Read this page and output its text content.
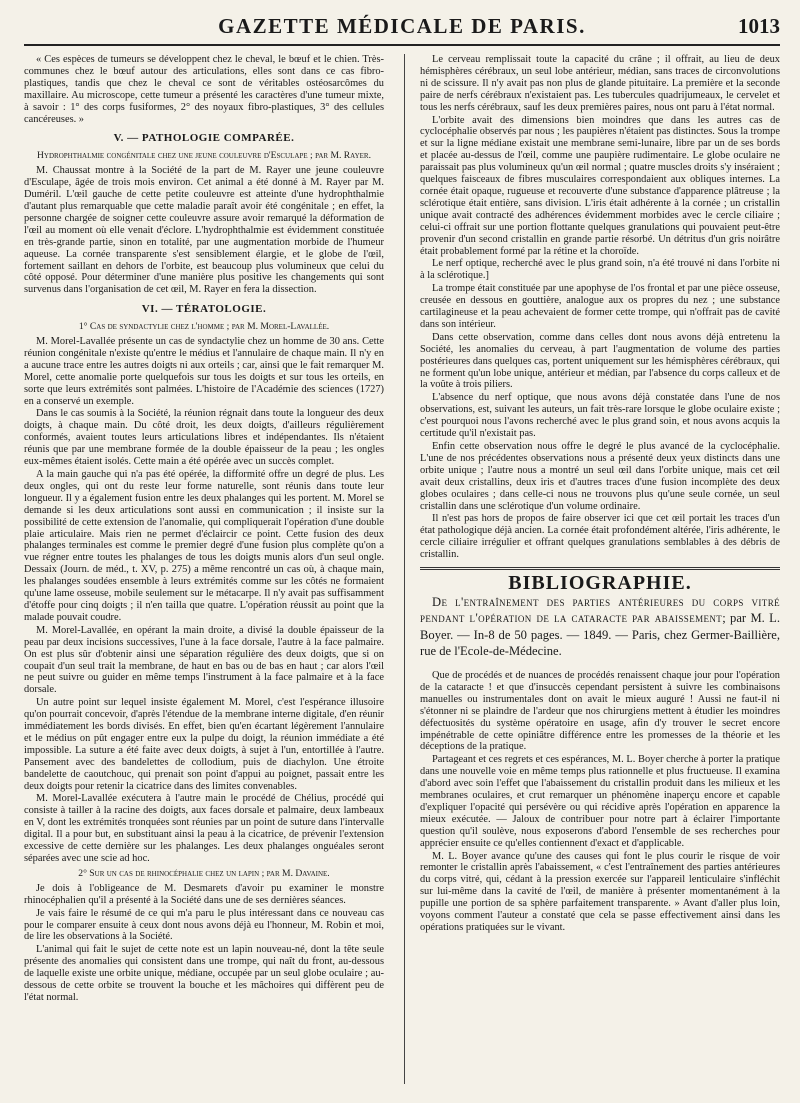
GAZETTE MÉDICALE DE PARIS.	1013

« Ces espèces de tumeurs se développent chez le cheval, le bœuf et le chien. Très-communes chez le bœuf autour des articulations, elles sont dans ce cas fibro-plastiques, tandis que chez le cheval ce sont de véritables ostéosarcômes du maxillaire. Au microscope, cette tumeur a présenté les caractères d'une tumeur mixte, à savoir : 1° des corps fusiformes, 2° des noyaux fibro-plastiques, 3° des cellules cancéreuses. »

V. — PATHOLOGIE COMPARÉE.
Hydrophthalmie congénitale chez une jeune couleuvre d'Esculape ; par M. Rayer.

M. Chaussat montre à la Société de la part de M. Rayer une jeune couleuvre d'Esculape, âgée de trois mois environ. Cet animal a été donné à M. Rayer par M. Duméril. L'œil gauche de cette petite couleuvre est atteinte d'une hydrophthalmie d'autant plus remarquable que cette maladie paraît avoir été congénitale ; en effet, la personne chargée de soigner cette couleuvre assure avoir remarqué la déformation de l'œil au moment où elle venait d'éclore. L'hydrophthalmie est évidemment constituée en très-grande partie, sinon en totalité, par une augmentation morbide de l'humeur aqueuse. La cornée transparente s'est sensiblement élargie, et le globe de l'œil, fortement saillant en dehors de l'orbite, est beaucoup plus volumineux que celui du côté opposé. Pour déterminer d'une manière plus positive les changements qui sont survenus dans l'organisation de cet œil, M. Rayer en fera la dissection.

VI. — TÉRATOLOGIE.
1° Cas de syndactylie chez l'homme ; par M. Morel-Lavallée.

M. Morel-Lavallée présente un cas de syndactylie chez un homme de 30 ans. Cette réunion congénitale n'existe qu'entre le médius et l'annulaire de chaque main. Il n'y en a aucune trace entre les autres doigts ni aux orteils ; car, ainsi que le fait remarquer M. Morel, cette anomalie porte quelquefois sur tous les doigts et sur tous les orteils, en sorte que leurs extrémités sont palmées. L'histoire de l'Académie des sciences (1727) en a conservé un exemple.

Dans le cas soumis à la Société, la réunion régnait dans toute la longueur des deux doigts, à chaque main. Du côté droit, les deux doigts, d'ailleurs régulièrement conformés, avaient toutes leurs articulations libres et indépendantes. Ils n'étaient réunis que par une membrane formée de la double épaisseur de la peau ; les ongles eux-mêmes étaient isolés. Cette main a été opérée avec un succès complet.

A la main gauche qui n'a pas été opérée, la difformité offre un degré de plus. Les deux ongles, qui ont du reste leur forme naturelle, sont réunis dans toute leur longueur. Il y a également fusion entre les deux phalanges qui les portent. M. Morel se demande si les deux articulations sont aussi en communication ; il insiste sur la possibilité de cette extension de l'anomalie, qui compliquerait l'opération d'une double plaie articulaire. Mais rien ne permet d'éclaircir ce point. Cette fusion des deux phalanges terminales est comme le premier degré d'une fusion plus complète qu'on a vue régner entre toutes les phalanges de tous les doigts munis alors d'un seul ongle. Dessaix (Journ. de méd., t. XV, p. 275) a même rencontré un cas où, à chaque main, les phalanges soudées ensemble à leurs extrémités comme sur les côtés ne formaient qu'une lame osseuse, mobile seulement sur le métacarpe. Il n'y avait pas suffisamment d'étoffe pour cinq doigts ; il n'en tailla que quatre. L'opération réussit au point que la malade pouvait coudre.

M. Morel-Lavallée, en opérant la main droite, a divisé la double épaisseur de la peau par deux incisions successives, l'une à la face dorsale, l'autre à la face palmaire. On est plus sûr d'obtenir ainsi une séparation régulière des deux doigts, que si on coupait d'un seul trait la membrane, de haut en bas ou de bas en haut ; car alors l'œil ne peut suivre ou guider en même temps l'instrument à la face palmaire et à la face dorsale.

Un autre point sur lequel insiste également M. Morel, c'est l'espérance illusoire qu'on pourrait concevoir, d'après l'étendue de la membrane interne digitale, d'en réunir immédiatement les bords divisés. En effet, bien qu'en écartant légèrement l'annulaire et le médius on pût engager entre eux la pulpe du doigt, la réunion immédiate a été impossible. La suture a été faite avec deux doigts, à sujet à l'un, entortillée à l'autre. Pansement avec des bandelettes de collodium, puis de diachylon. Une étroite bandelette de caoutchouc, qui prenait son point d'appui au poignet, passait entre les deux doigts pour retenir la cicatrice dans des limites convenables.

M. Morel-Lavallée exécutera à l'autre main le procédé de Chélius, procédé qui consiste à tailler à la racine des doigts, aux faces dorsale et palmaire, deux lambeaux en V, dont les extrémités tronquées sont réunies par un point de suture dans l'intervalle digital. Il a pour but, en substituant ainsi la peau à la cicatrice, de prévenir l'extension excessive de cette dernière sur les phalanges. Les deux phalanges onguéales seront séparées avec une scie ad hoc.

2° Sur un cas de rhinocéphalie chez un lapin ; par M. Davaine.

Je dois à l'obligeance de M. Desmarets d'avoir pu examiner le monstre rhinocéphalien qu'il a présenté à la Société dans une de ses dernières séances.

Je vais faire le résumé de ce qui m'a paru le plus intéressant dans ce nouveau cas pour le comparer ensuite à ceux dont nous avons déjà eu l'honneur, M. Robin et moi, de lire les observations à la Société.

L'animal qui fait le sujet de cette note est un lapin nouveau-né, dont la tête seule présente des anomalies qui consistent dans une trompe, qui naît du front, au-dessous de laquelle existe une orbite unique, médiane, occupée par un seul globe oculaire ; au-dessous de cette orbite se trouvent la bouche et les mâchoires qui diffèrent peu de l'état normal.

Le cerveau remplissait toute la capacité du crâne ; il offrait, au lieu de deux hémisphères cérébraux, un seul lobe antérieur, médian, sans traces de circonvolutions ni de scissure. Il n'y avait pas non plus de glande pituitaire. La première et la seconde paire de nerfs cérébraux n'existaient pas. Les tubercules quadrijumeaux, le cervelet et tous les nerfs cérébraux, sauf les deux premières paires, nous ont paru à l'état normal.

L'orbite avait des dimensions bien moindres que dans les autres cas de cyclocéphalie observés par nous ; les paupières n'étaient pas distinctes. Sous la trompe et sur la ligne médiane existait une membrane semi-lunaire, libre par un de ses bords et placée au-dessus de l'œil, comme une paupière rudimentaire. Le globe oculaire ne paraissait pas plus volumineux qu'un œil normal ; quatre muscles droits s'y inséraient ; quelques faisceaux de fibres musculaires correspondaient aux obliques internes. La cornée était opaque, rugueuse et recouverte d'une substance d'apparence plâtreuse ; la sclérotique était entière, sans division. L'iris était adhérente à la cornée ; un cristallin unique avait contracté des adhérences évidemment morbides avec le cercle ciliaire ; celui-ci offrait sur une portion flottante quelques granulations qui pouvaient peut-être provenir d'un second cristallin en grande partie résorbé. Un détritus d'un gris noirâtre était probablement formé par la rétine et la choroïde.

Le nerf optique, recherché avec le plus grand soin, n'a été trouvé ni dans l'orbite ni à la sclérotique.]

La trompe était constituée par une apophyse de l'os frontal et par une pièce osseuse, creusée en dessous en gouttière, analogue aux os propres du nez ; une substance cartilagineuse et la peau achevaient de former cette trompe, qui n'offrait pas de cavité dans son intérieur.

Dans cette observation, comme dans celles dont nous avons déjà entretenu la Société, les anomalies du cerveau, à part l'augmentation de volume des parties postérieures dans quelques cas, portent uniquement sur les hémisphères cérébraux, qui ne forment qu'un lobe unique, antérieur et médian, par l'absence du corps calleux et de la voûte à trois piliers.

L'absence du nerf optique, que nous avons déjà constatée dans l'une de nos observations, est, suivant les auteurs, un fait très-rare lorsque le globe oculaire existe ; c'est pourquoi nous l'avons recherché avec le plus grand soin, et nous avons acquis la certitude qu'il n'existait pas.

Enfin cette observation nous offre le degré le plus avancé de la cyclocéphalie. L'une de nos précédentes observations nous a présenté deux yeux distincts dans une orbite unique ; l'autre nous a montré un seul œil dans l'orbite unique, mais cet œil avait deux cristallins, deux iris et d'autres traces d'une fusion incomplète des deux globes oculaires ; dans celle-ci nous ne trouvons plus qu'une seule cornée, un seul cristallin dans une sclérotique d'un volume ordinaire.

Il n'est pas hors de propos de faire observer ici que cet œil portait les traces d'un état pathologique déjà ancien. La cornée était profondément altérée, l'iris adhérente, le cercle ciliaire irrégulier et offrant quelques granulations semblables à des débris de cristallin.

BIBLIOGRAPHIE.
De l'entraînement des parties antérieures du corps vitré pendant l'opération de la cataracte par abaissement; par M. L. Boyer. — In-8 de 50 pages. — 1849. — Paris, chez Germer-Baillière, rue de l'Ecole-de-Médecine.

Que de procédés et de nuances de procédés renaissent chaque jour pour l'opération de la cataracte ! et que d'insuccès cependant persistent à suivre les combinaisons manuelles ou instrumentales dont on avait le mieux auguré ! Aussi ne faut-il ni s'étonner ni se plaindre de l'ardeur que nos chirurgiens mettent à étudier les moindres défectuosités du système opératoire en usage, afin d'y trouver le secret encore impénétrable de cette opiniâtre différence entre les promesses de la théorie et les déceptions de la pratique.

Partageant et ces regrets et ces espérances, M. L. Boyer cherche à porter la pratique dans une nouvelle voie en même temps plus rationnelle et plus fructueuse. Il examina d'abord avec soin l'effet que l'abaissement du cristallin produit dans les milieux et les membranes oculaires, et crut remarquer un phénomène inaperçu encore et capable d'expliquer l'opacité qui persévère ou qui récidive après l'opération en apparence la mieux exécutée. — Jaloux de contribuer pour notre part à éclairer l'importante question qu'il soulève, nous exposerons d'abord l'ensemble de ses recherches pour apprécier ensuite ce qu'elles contiennent d'exact et d'applicable.

M. L. Boyer avance qu'une des causes qui font le plus courir le risque de voir remonter le cristallin après l'abaissement, « c'est l'entraînement des parties antérieures du corps vitré, qui, cédant à la pression exercée sur l'appareil lenticulaire s'infléchit sur lui-même dans la cavité de l'œil, de manière à présenter momentanément à la pupille une portion de sa sphère parfaitement transparente. » Avant d'aller plus loin, voyons comment l'auteur a constaté que cela se passe effectivement ainsi dans les opérations pratiquées sur le vivant.
